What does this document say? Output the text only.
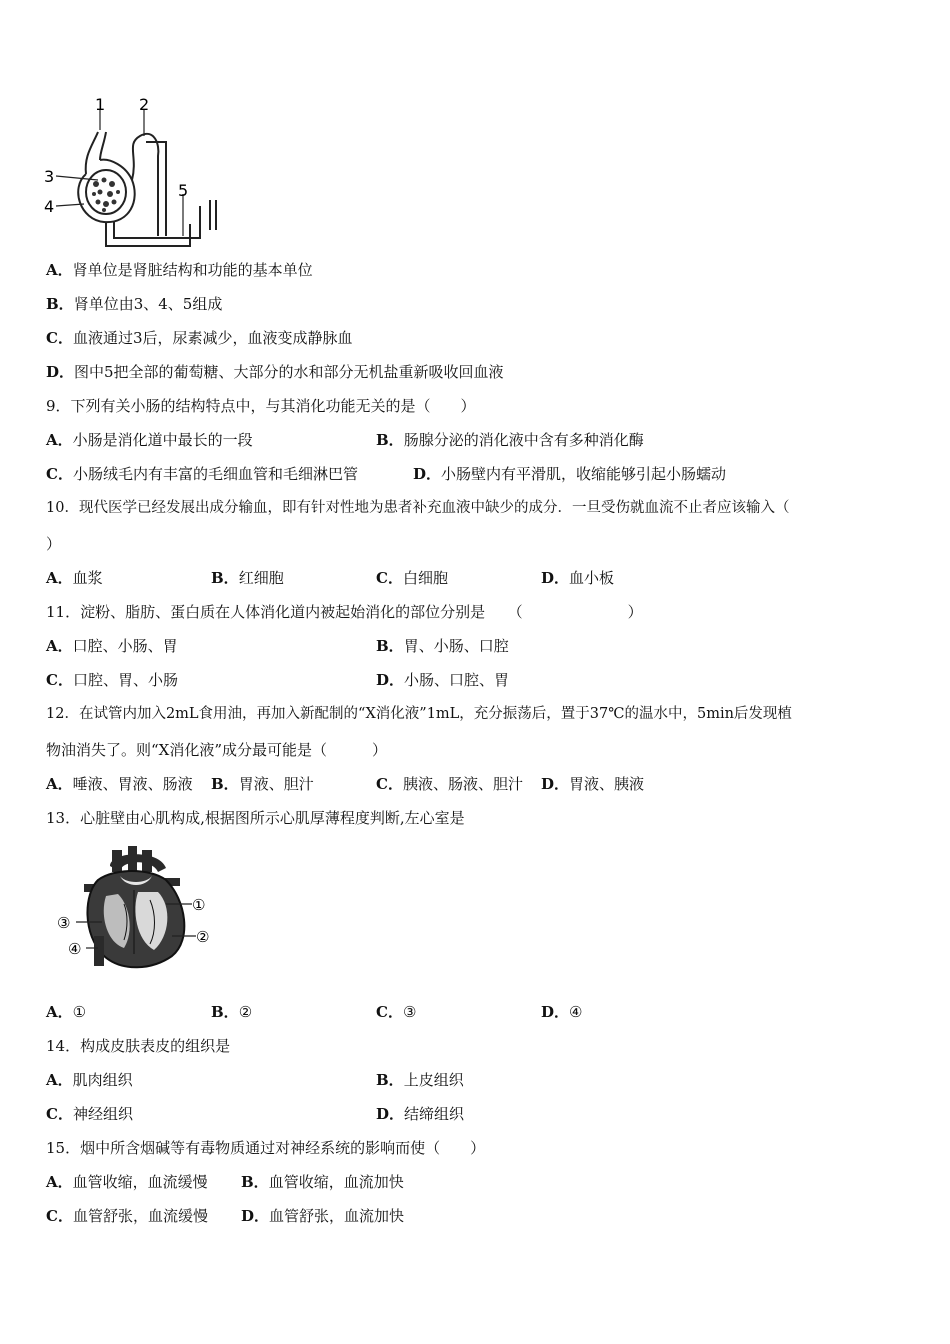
1 2
3
4
5
A．肾单位是肾脏结构和功能的基本单位
B．肾单位由3、4、5组成
C．血液通过3后，尿素减少，血液变成静脉血
D．图中5把全部的葡萄糖、大部分的水和部分无机盐重新吸收回血液
9．下列有关小肠的结构特点中，与其消化功能无关的是（　　）
A．小肠是消化道中最长的一段	B．肠腺分泌的消化液中含有多种消化酶
C．小肠绒毛内有丰富的毛细血管和毛细淋巴管	D．小肠壁内有平滑肌，收缩能够引起小肠蠕动
10．现代医学已经发展出成分输血，即有针对性地为患者补充血液中缺少的成分．一旦受伤就血流不止者应该输入（
）
A．血浆	B．红细胞	C．白细胞	D．血小板
11．淀粉、脂肪、蛋白质在人体消化道内被起始消化的部位分别是　　（　　　　　　　）
A．口腔、小肠、胃	B．胃、小肠、口腔
C．口腔、胃、小肠	D．小肠、口腔、胃
12．在试管内加入2mL食用油，再加入新配制的“X消化液”1mL，充分振荡后，置于37℃的温水中，5min后发现植
物油消失了。则“X消化液”成分最可能是（　　　）
A．唾液、胃液、肠液 B．胃液、胆汁	C．胰液、肠液、胆汁 D．胃液、胰液
13．心脏壁由心肌构成,根据图所示心肌厚薄程度判断,左心室是
①
②
③
④
A．①	B．②	C．③	D．④
14．构成皮肤表皮的组织是
A．肌肉组织	B．上皮组织
C．神经组织	D．结缔组织
15．烟中所含烟碱等有毒物质通过对神经系统的影响而使（　　）
A．血管收缩，血流缓慢 B．血管收缩，血流加快
C．血管舒张，血流缓慢 D．血管舒张，血流加快
